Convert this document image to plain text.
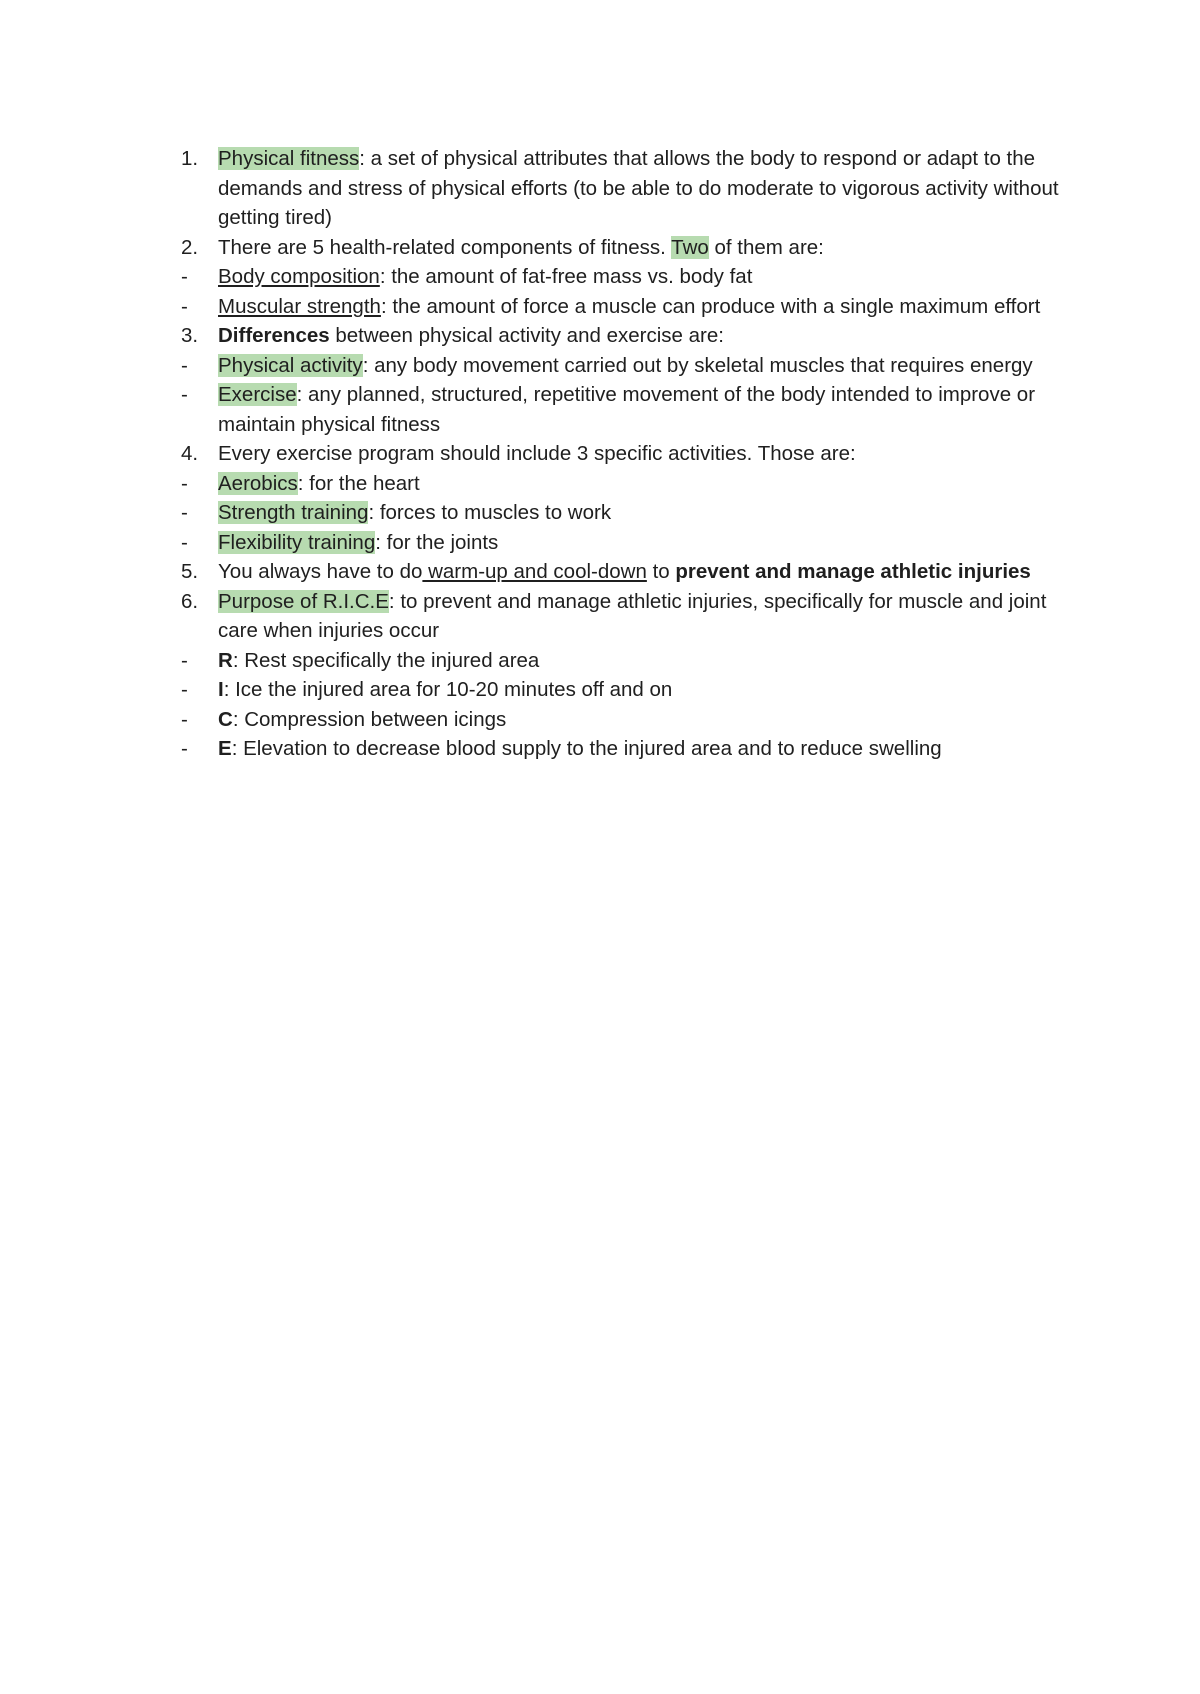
1. Physical fitness: a set of physical attributes that allows the body to respond or adapt to the demands and stress of physical efforts (to be able to do moderate to vigorous activity without getting tired)
2. There are 5 health-related components of fitness. Two of them are:
- Body composition: the amount of fat-free mass vs. body fat
- Muscular strength: the amount of force a muscle can produce with a single maximum effort
3. Differences between physical activity and exercise are:
- Physical activity: any body movement carried out by skeletal muscles that requires energy
- Exercise: any planned, structured, repetitive movement of the body intended to improve or maintain physical fitness
4. Every exercise program should include 3 specific activities. Those are:
- Aerobics: for the heart
- Strength training: forces to muscles to work
- Flexibility training: for the joints
5. You always have to do warm-up and cool-down to prevent and manage athletic injuries
6. Purpose of R.I.C.E: to prevent and manage athletic injuries, specifically for muscle and joint care when injuries occur
- R: Rest specifically the injured area
- I: Ice the injured area for 10-20 minutes off and on
- C: Compression between icings
- E: Elevation to decrease blood supply to the injured area and to reduce swelling
